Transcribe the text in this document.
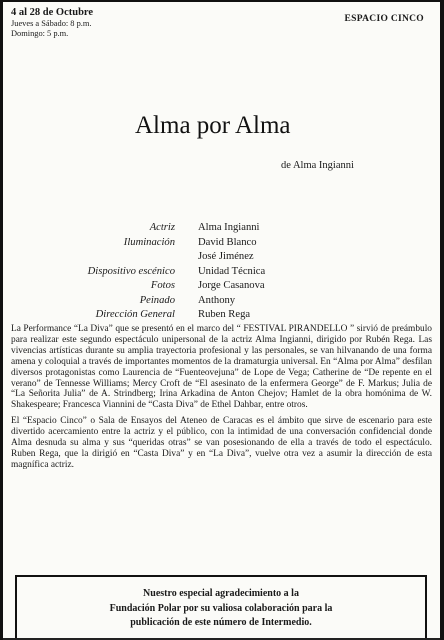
4 al 28 de Octubre
Jueves a Sábado: 8 p.m.
Domingo: 5 p.m.
ESPACIO CINCO
Alma por Alma
de Alma Ingianni
Actriz	Alma Ingianni
Iluminación	David Blanco
José Jiménez
Dispositivo escénico	Unidad Técnica
Fotos	Jorge Casanova
Peinado	Anthony
Dirección General	Ruben Rega

La Performance “La Diva” que se presentó en el marco del “ FESTIVAL PIRANDELLO ” sirvió de preámbulo para realizar este segundo espectáculo unipersonal de la actriz Alma Ingianni, dirigido por Rubén Rega. Las vivencias artísticas durante su amplia trayectoria profesional y las personales, se van hilvanando de una forma amena y coloquial a través de importantes momentos de la dramaturgia universal. En “Alma por Alma” desfilan diversos protagonistas como Laurencia de “Fuenteovejuna” de Lope de Vega; Catherine de “De repente en el verano” de Tennesse Williams; Mercy Croft de “El asesinato de la enfermera George” de F. Markus; Julia de “La Señorita Julia” de A. Strindberg; Irina Arkadina de Anton Chejov; Hamlet de la obra homónima de W. Shakespeare; Francesca Viannini de “Casta Diva” de Ethel Dahbar, entre otros.

El “Espacio Cinco” o Sala de Ensayos del Ateneo de Caracas es el ámbito que sirve de escenario para este divertido acercamiento entre la actriz y el público, con la intimidad de una conversación confidencial donde Alma desnuda su alma y sus “queridas otras” se van posesionando de ella a través de todo el espectáculo. Ruben Rega, que la dirigió en “Casta Diva” y en “La Diva”, vuelve otra vez a asumir la dirección de esta magnífica actriz.

Nuestro especial agradecimiento a la
Fundación Polar por su valiosa colaboración para la
publicación de este número de Intermedio.
